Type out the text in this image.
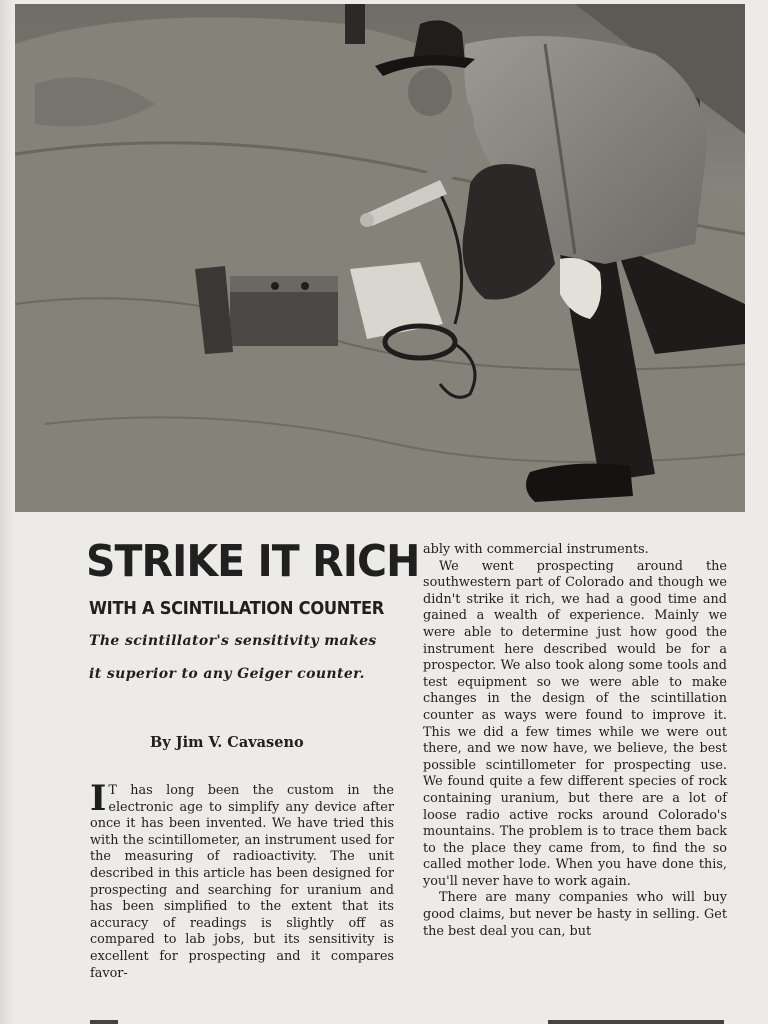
STRIKE IT RICH
WITH A SCINTILLATION COUNTER
The scintillator's sensitivity makes
it superior to any Geiger counter.
By Jim V. Cavaseno

I T has long been the custom in the electronic age to simplify any device after once it has been invented. We have tried this with the scintillometer, an instrument used for the measuring of radioactivity. The unit described in this article has been designed for prospecting and searching for uranium and has been simplified to the extent that its accuracy of readings is slightly off as compared to lab jobs, but its sensitivity is excellent for prospecting and it compares favor-

ably with commercial instruments.

We went prospecting around the southwestern part of Colorado and though we didn't strike it rich, we had a good time and gained a wealth of experience. Mainly we were able to determine just how good the instrument here described would be for a prospector. We also took along some tools and test equipment so we were able to make changes in the design of the scintillation counter as ways were found to improve it. This we did a few times while we were out there, and we now have, we believe, the best possible scintillometer for prospecting use. We found quite a few different species of rock containing uranium, but there are a lot of loose radio active rocks around Colorado's mountains. The problem is to trace them back to the place they came from, to find the so called mother lode. When you have done this, you'll never have to work again.

There are many companies who will buy good claims, but never be hasty in selling. Get the best deal you can, but
